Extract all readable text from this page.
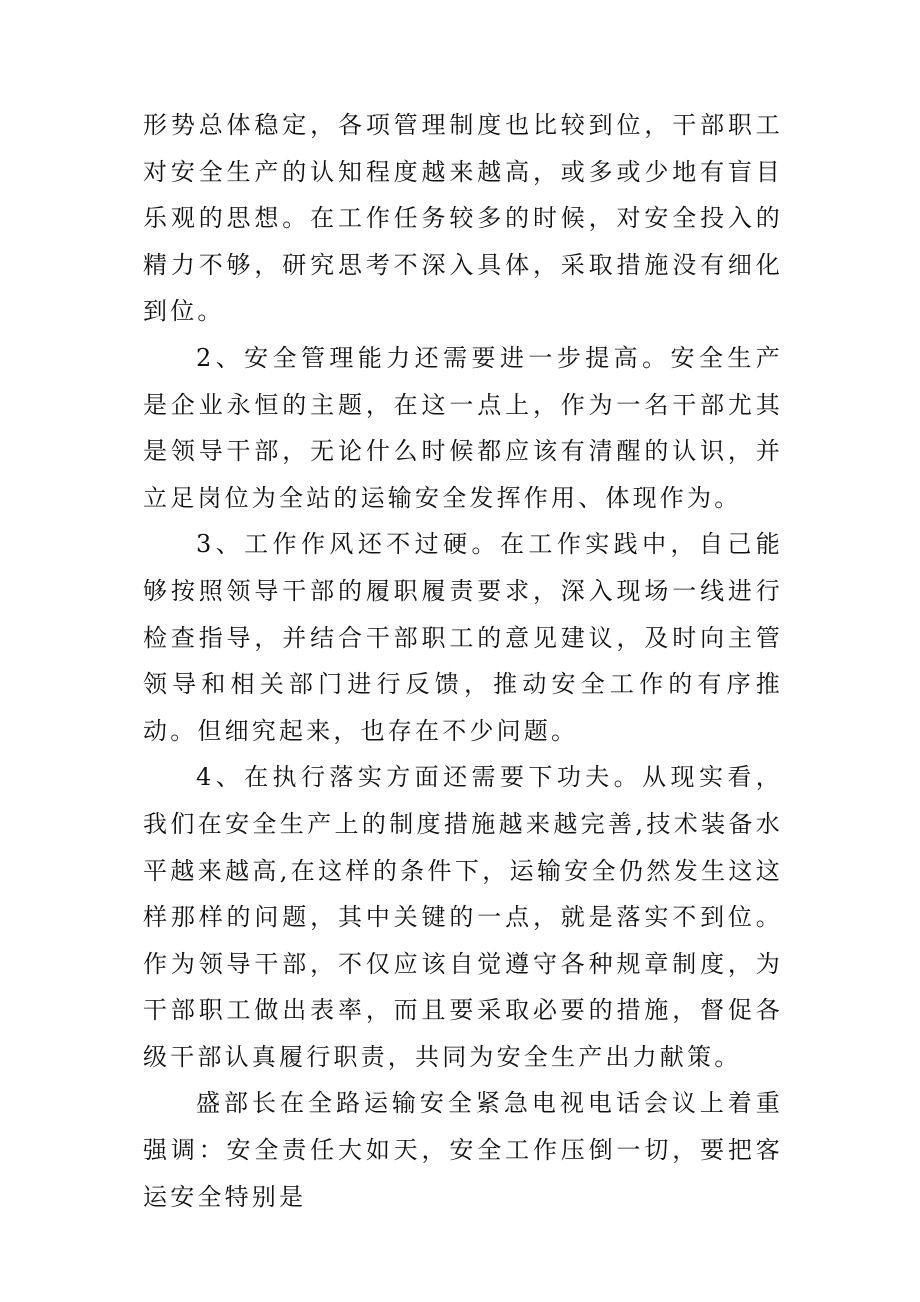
形势总体稳定，各项管理制度也比较到位，干部职工对安全生产的认知程度越来越高，或多或少地有盲目乐观的思想。在工作任务较多的时候，对安全投入的精力不够，研究思考不深入具体，采取措施没有细化到位。

2、安全管理能力还需要进一步提高。安全生产是企业永恒的主题，在这一点上，作为一名干部尤其是领导干部，无论什么时候都应该有清醒的认识，并立足岗位为全站的运输安全发挥作用、体现作为。

3、工作作风还不过硬。在工作实践中，自己能够按照领导干部的履职履责要求，深入现场一线进行检查指导，并结合干部职工的意见建议，及时向主管领导和相关部门进行反馈，推动安全工作的有序推动。但细究起来，也存在不少问题。

4、在执行落实方面还需要下功夫。从现实看，我们在安全生产上的制度措施越来越完善,技术装备水平越来越高,在这样的条件下，运输安全仍然发生这这样那样的问题，其中关键的一点，就是落实不到位。作为领导干部，不仅应该自觉遵守各种规章制度，为干部职工做出表率，而且要采取必要的措施，督促各级干部认真履行职责，共同为安全生产出力献策。

盛部长在全路运输安全紧急电视电话会议上着重强调：安全责任大如天，安全工作压倒一切，要把客运安全特别是
